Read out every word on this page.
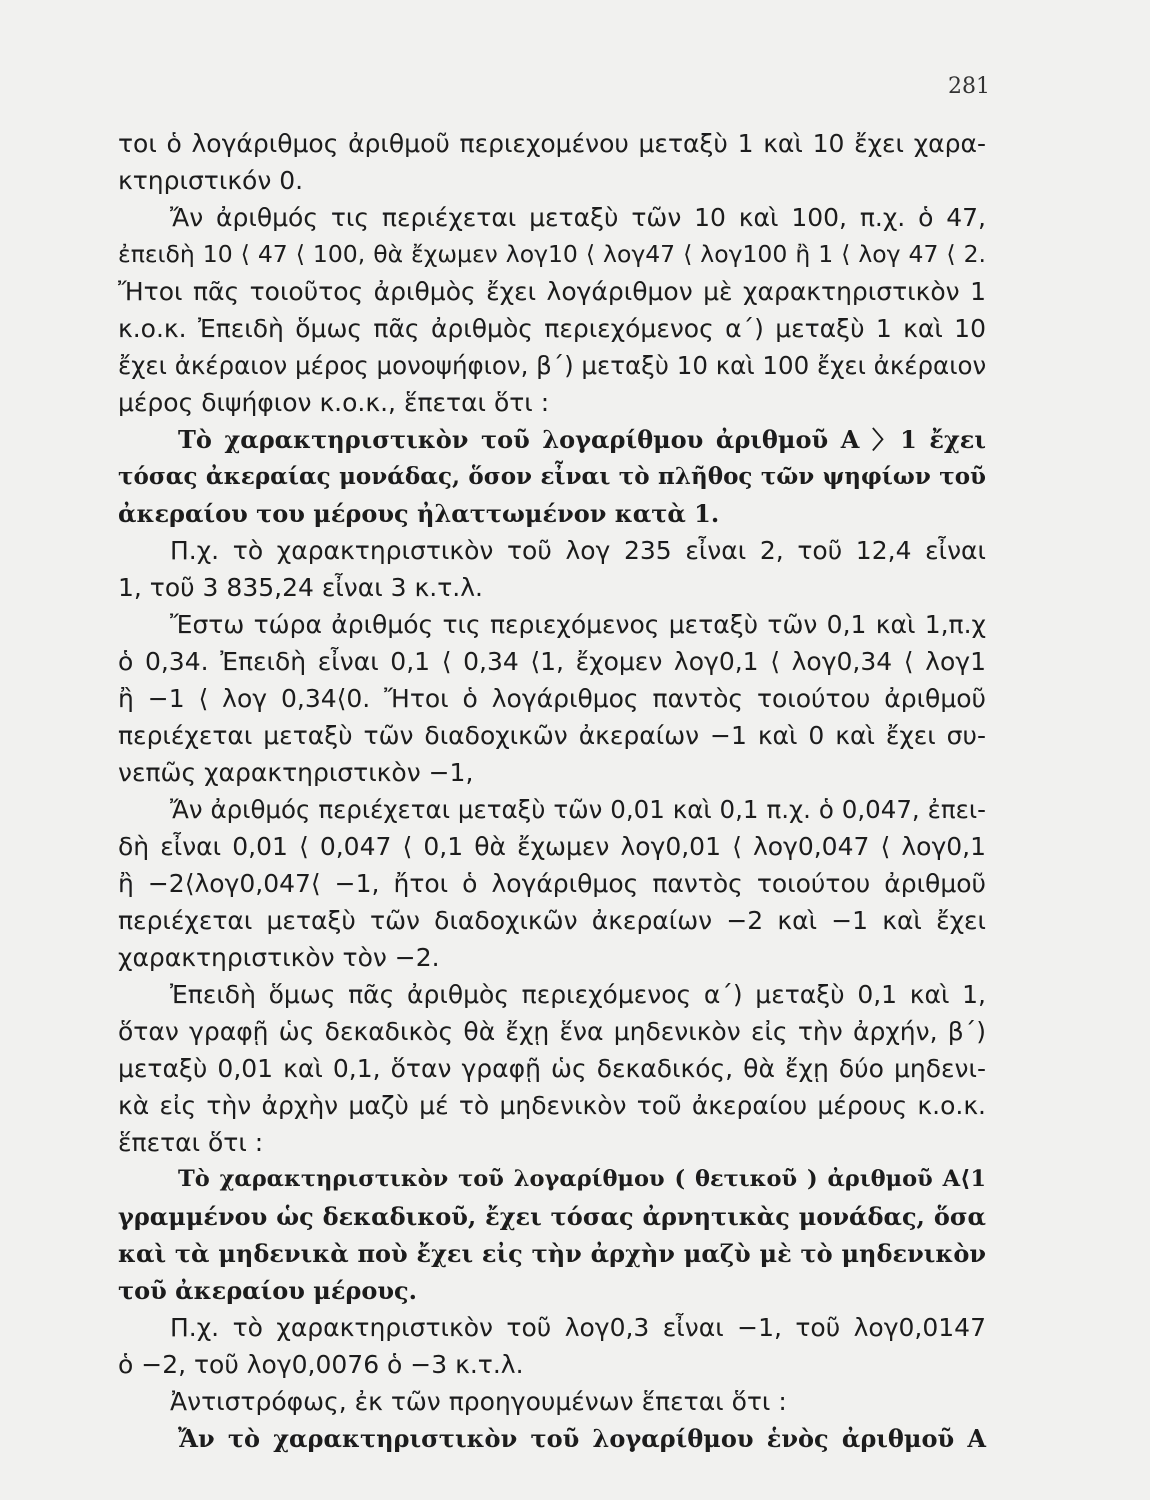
281
τοι ὁ λογάριθμος ἀριθμοῦ περιεχομένου μεταξὺ 1 καὶ 10 ἔχει χαρα-
κτηριστικόν 0.
Ἄν ἀριθμός τις περιέχεται μεταξὺ τῶν 10 καὶ 100, π.χ. ὁ 47,
ἐπειδὴ 10 ⟨ 47 ⟨ 100, θὰ ἔχωμεν λογ10 ⟨ λογ47 ⟨ λογ100 ἢ 1 ⟨ λογ 47 ⟨ 2.
Ἤτοι πᾶς τοιοῦτος ἀριθμὸς ἔχει λογάριθμον μὲ χαρακτηριστικὸν 1
κ.ο.κ. Ἐπειδὴ ὅμως πᾶς ἀριθμὸς περιεχόμενος α΄) μεταξὺ 1 καὶ 10
ἔχει ἀκέραιον μέρος μονοψήφιον, β΄) μεταξὺ 10 καὶ 100 ἔχει ἀκέραιον
μέρος διψήφιον κ.ο.κ., ἕπεται ὅτι :
Τὸ χαρακτηριστικὸν τοῦ λογαρίθμου ἀριθμοῦ Α 〉1 ἔχει
τόσας ἀκεραίας μονάδας, ὅσον εἶναι τὸ πλῆθος τῶν ψηφίων τοῦ
ἀκεραίου του μέρους ἠλαττωμένον κατὰ 1.
Π.χ. τὸ χαρακτηριστικὸν τοῦ λογ 235 εἶναι 2, τοῦ 12,4 εἶναι
1, τοῦ 3 835,24 εἶναι 3 κ.τ.λ.
Ἔστω τώρα ἀριθμός τις περιεχόμενος μεταξὺ τῶν 0,1 καὶ 1,π.χ
ὁ 0,34. Ἐπειδὴ εἶναι 0,1 ⟨ 0,34 ⟨1, ἔχομεν λογ0,1 ⟨ λογ0,34 ⟨ λογ1
ἢ −1 ⟨ λογ 0,34⟨0. Ἤτοι ὁ λογάριθμος παντὸς τοιούτου ἀριθμοῦ
περιέχεται μεταξὺ τῶν διαδοχικῶν ἀκεραίων −1 καὶ 0 καὶ ἔχει συ-
νεπῶς χαρακτηριστικὸν −1,
Ἄν ἀριθμός περιέχεται μεταξὺ τῶν 0,01 καὶ 0,1 π.χ. ὁ 0,047, ἐπει-
δὴ εἶναι 0,01 ⟨ 0,047 ⟨ 0,1 θὰ ἔχωμεν λογ0,01 ⟨ λογ0,047 ⟨ λογ0,1
ἢ −2⟨λογ0,047⟨ −1, ἤτοι ὁ λογάριθμος παντὸς τοιούτου ἀριθμοῦ
περιέχεται μεταξὺ τῶν διαδοχικῶν ἀκεραίων −2 καὶ −1 καὶ ἔχει
χαρακτηριστικὸν τὸν −2.
Ἐπειδὴ ὅμως πᾶς ἀριθμὸς περιεχόμενος α΄) μεταξὺ 0,1 καὶ 1,
ὅταν γραφῇ ὡς δεκαδικὸς θὰ ἔχῃ ἕνα μηδενικὸν εἰς τὴν ἀρχήν, β΄)
μεταξὺ 0,01 καὶ 0,1, ὅταν γραφῇ ὡς δεκαδικός, θὰ ἔχῃ δύο μηδενι-
κὰ εἰς τὴν ἀρχὴν μαζὺ μέ τὸ μηδενικὸν τοῦ ἀκεραίου μέρους κ.ο.κ.
ἕπεται ὅτι :
Τὸ χαρακτηριστικὸν τοῦ λογαρίθμου ( θετικοῦ ) ἀριθμοῦ Α⟨1
γραμμένου ὡς δεκαδικοῦ, ἔχει τόσας ἀρνητικὰς μονάδας, ὅσα
καὶ τὰ μηδενικὰ ποὺ ἔχει εἰς τὴν ἀρχὴν μαζὺ μὲ τὸ μηδενικὸν
τοῦ ἀκεραίου μέρους.
Π.χ. τὸ χαρακτηριστικὸν τοῦ λογ0,3 εἶναι −1, τοῦ λογ0,0147
ὁ −2, τοῦ λογ0,0076 ὁ −3 κ.τ.λ.
Ἀντιστρόφως, ἐκ τῶν προηγουμένων ἕπεται ὅτι :
Ἄν τὸ χαρακτηριστικὸν τοῦ λογαρίθμου ἑνὸς ἀριθμοῦ Α
